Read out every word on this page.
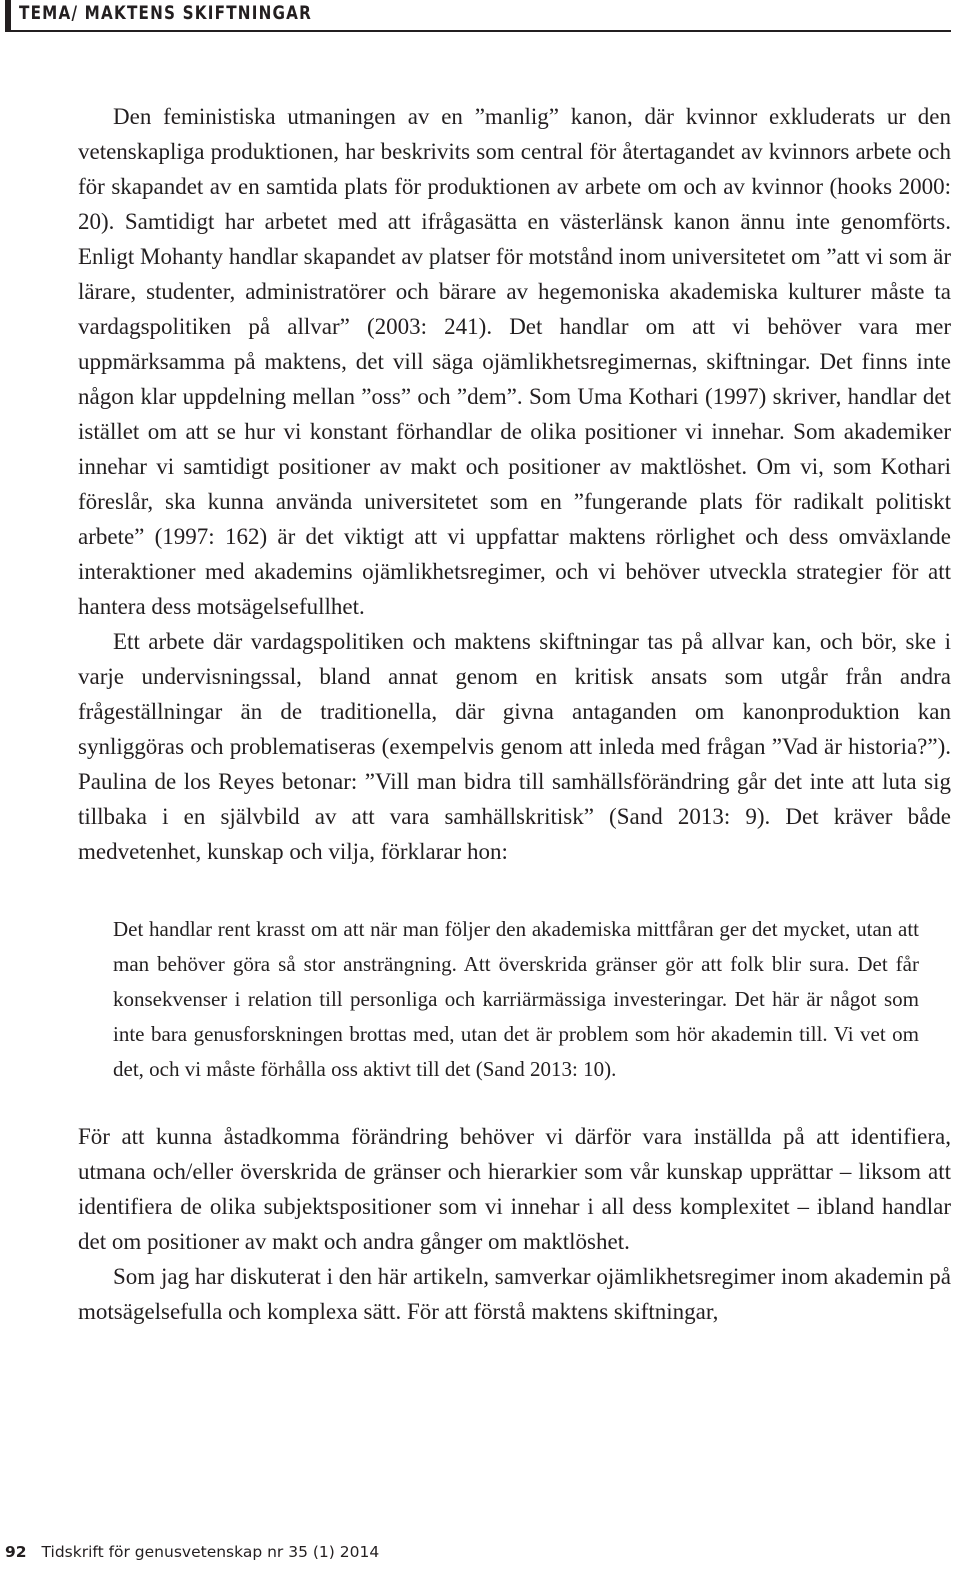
TEMA/ MAKTENS SKIFTNINGAR

Den feministiska utmaningen av en ”manlig” kanon, där kvinnor exkluderats ur den vetenskapliga produktionen, har beskrivits som central för återtagandet av kvinnors arbete och för skapandet av en samtida plats för produktionen av arbete om och av kvinnor (hooks 2000: 20). Samtidigt har arbetet med att ifrågasätta en västerlänsk kanon ännu inte genomförts. Enligt Mohanty handlar skapandet av platser för motstånd inom universitetet om ”att vi som är lärare, studenter, administratörer och bärare av hegemoniska akademiska kulturer måste ta vardagspolitiken på allvar” (2003: 241). Det handlar om att vi behöver vara mer uppmärksamma på maktens, det vill säga ojämlikhetsregimernas, skiftningar. Det finns inte någon klar uppdelning mellan ”oss” och ”dem”. Som Uma Kothari (1997) skriver, handlar det istället om att se hur vi konstant förhandlar de olika positioner vi innehar. Som akademiker innehar vi samtidigt positioner av makt och positioner av maktlöshet. Om vi, som Kothari föreslår, ska kunna använda universitetet som en ”fungerande plats för radikalt politiskt arbete” (1997: 162) är det viktigt att vi uppfattar maktens rörlighet och dess omväxlande interaktioner med akademins ojämlikhetsregimer, och vi behöver utveckla strategier för att hantera dess motsägelsefullhet.

Ett arbete där vardagspolitiken och maktens skiftningar tas på allvar kan, och bör, ske i varje undervisningssal, bland annat genom en kritisk ansats som utgår från andra frågeställningar än de traditionella, där givna antaganden om kanonproduktion kan synliggöras och problematiseras (exempelvis genom att inleda med frågan ”Vad är historia?”). Paulina de los Reyes betonar: ”Vill man bidra till samhällsförändring går det inte att luta sig tillbaka i en självbild av att vara samhällskritisk” (Sand 2013: 9). Det kräver både medvetenhet, kunskap och vilja, förklarar hon:

Det handlar rent krasst om att när man följer den akademiska mittfåran ger det mycket, utan att man behöver göra så stor ansträngning. Att överskrida gränser gör att folk blir sura. Det får konsekvenser i relation till personliga och karriärmässiga investeringar. Det här är något som inte bara genusforskningen brottas med, utan det är problem som hör akademin till. Vi vet om det, och vi måste förhålla oss aktivt till det (Sand 2013: 10).

För att kunna åstadkomma förändring behöver vi därför vara inställda på att identifiera, utmana och/eller överskrida de gränser och hierarkier som vår kunskap upprättar – liksom att identifiera de olika subjektspositioner som vi innehar i all dess komplexitet – ibland handlar det om positioner av makt och andra gånger om maktlöshet.

Som jag har diskuterat i den här artikeln, samverkar ojämlikhetsregimer inom akademin på motsägelsefulla och komplexa sätt. För att förstå maktens skiftningar,

92 Tidskrift för genusvetenskap nr 35 (1) 2014
